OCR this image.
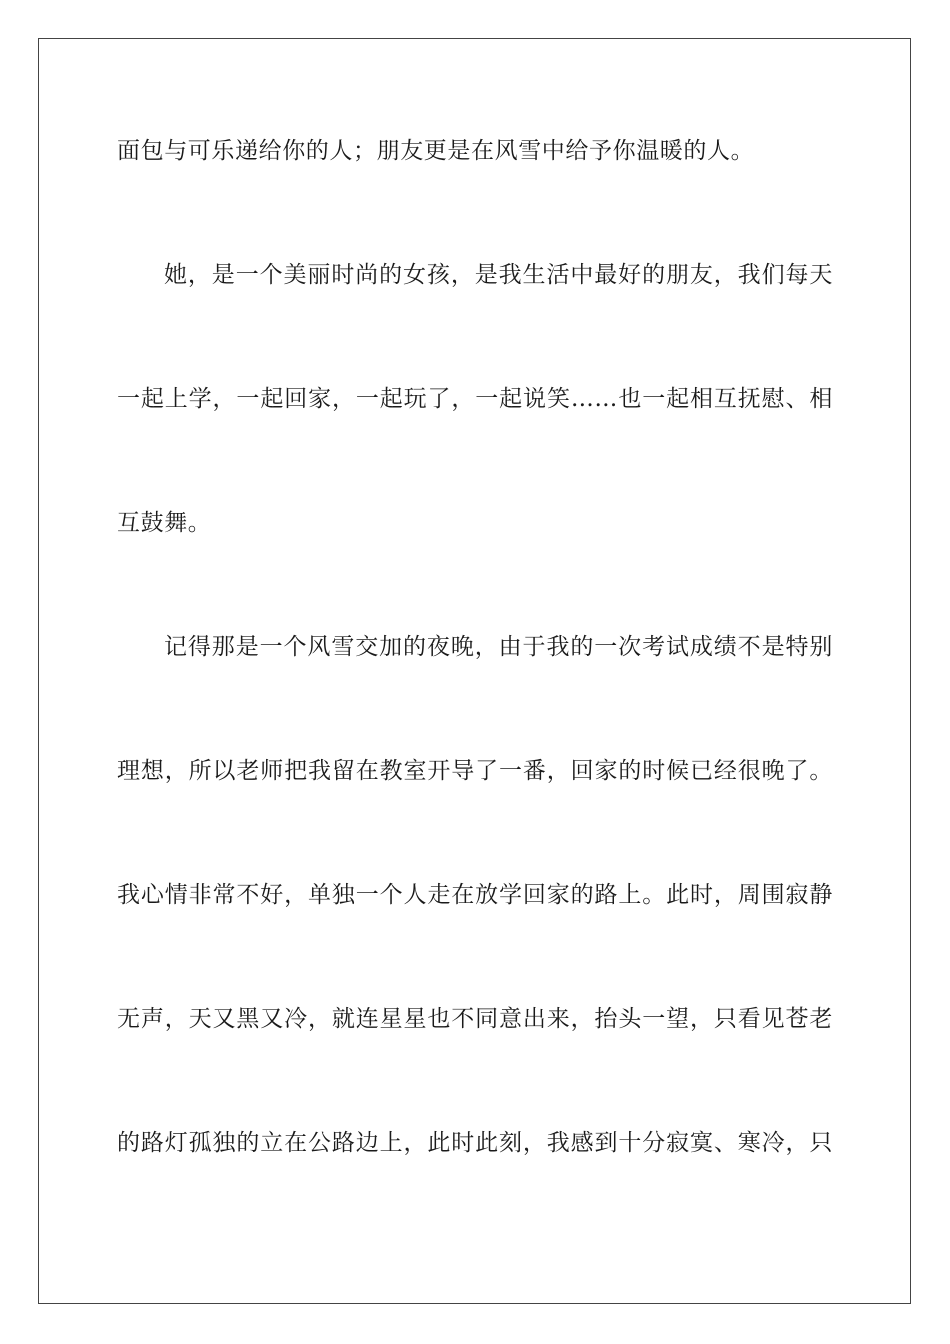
面包与可乐递给你的人；朋友更是在风雪中给予你温暖的人。
她，是一个美丽时尚的女孩，是我生活中最好的朋友，我们每天
一起上学，一起回家，一起玩了，一起说笑……也一起相互抚慰、相
互鼓舞。
记得那是一个风雪交加的夜晚，由于我的一次考试成绩不是特别
理想，所以老师把我留在教室开导了一番，回家的时候已经很晚了。
我心情非常不好，单独一个人走在放学回家的路上。此时，周围寂静
无声，天又黑又冷，就连星星也不同意出来，抬头一望，只看见苍老
的路灯孤独的立在公路边上，此时此刻，我感到十分寂寞、寒冷，只
